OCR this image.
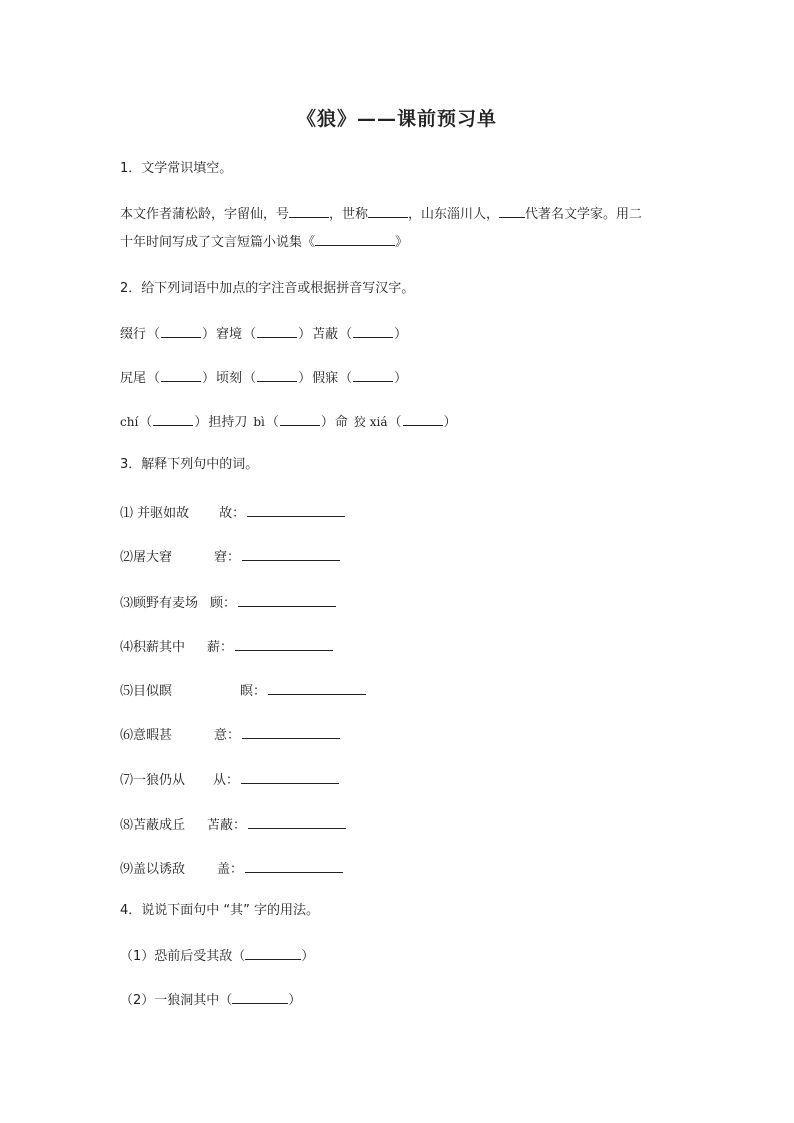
《狼》——课前预习单
1．文学常识填空。
本文作者蒲松龄，字留仙，号	，世称	，山东淄川人， 代著名文学家。用二
十年时间写成了文言短篇小说集《	》
2．给下列词语中加点的字注音或根据拼音写汉字。
缀行（	）窘境（	）苫蔽（	）
尻尾（	）顷刻（	）假寐（	）
chí（	）担持刀 bì（	）命 狡 xiá（	）
3．解释下列句中的词。
⑴ 并驱如故 故：
⑵屠大窘	窘：
⑶顾野有麦场 顾：
⑷积薪其中 薪：
⑸目似瞑	瞑：
⑹意暇甚	意：
⑺一狼仍从 从：
⑻苫蔽成丘 苫蔽：
⑼盖以诱敌 盖：
4．说说下面句中 “其” 字的用法。
（1）恐前后受其敌（	）
（2）一狼洞其中（	）
